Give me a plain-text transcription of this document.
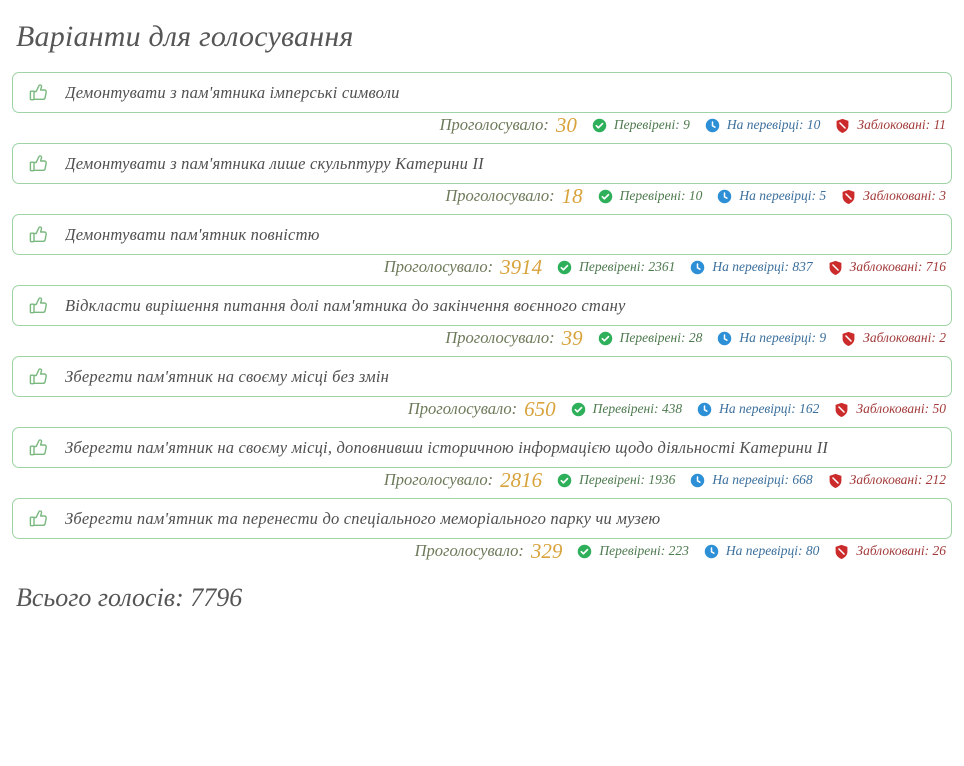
Варіанти для голосування
Демонтувати з пам'ятника імперські символи
Проголосувало: 30	Перевірені: 9	На перевірці: 10	Заблоковані: 11
Демонтувати з пам'ятника лише скульптуру Катерини II
Проголосувало: 18	Перевірені: 10	На перевірці: 5	Заблоковані: 3
Демонтувати пам'ятник повністю
Проголосувало: 3914	Перевірені: 2361	На перевірці: 837	Заблоковані: 716
Відкласти вирішення питання долі пам'ятника до закінчення воєнного стану
Проголосувало: 39	Перевірені: 28	На перевірці: 9	Заблоковані: 2
Зберегти пам'ятник на своєму місці без змін
Проголосувало: 650	Перевірені: 438	На перевірці: 162	Заблоковані: 50
Зберегти пам'ятник на своєму місці, доповнивши історичною інформацією щодо діяльності Катерини II
Проголосувало: 2816	Перевірені: 1936	На перевірці: 668	Заблоковані: 212
Зберегти пам'ятник та перенести до спеціального меморіального парку чи музею
Проголосувало: 329	Перевірені: 223	На перевірці: 80	Заблоковані: 26
Всього голосів: 7796
